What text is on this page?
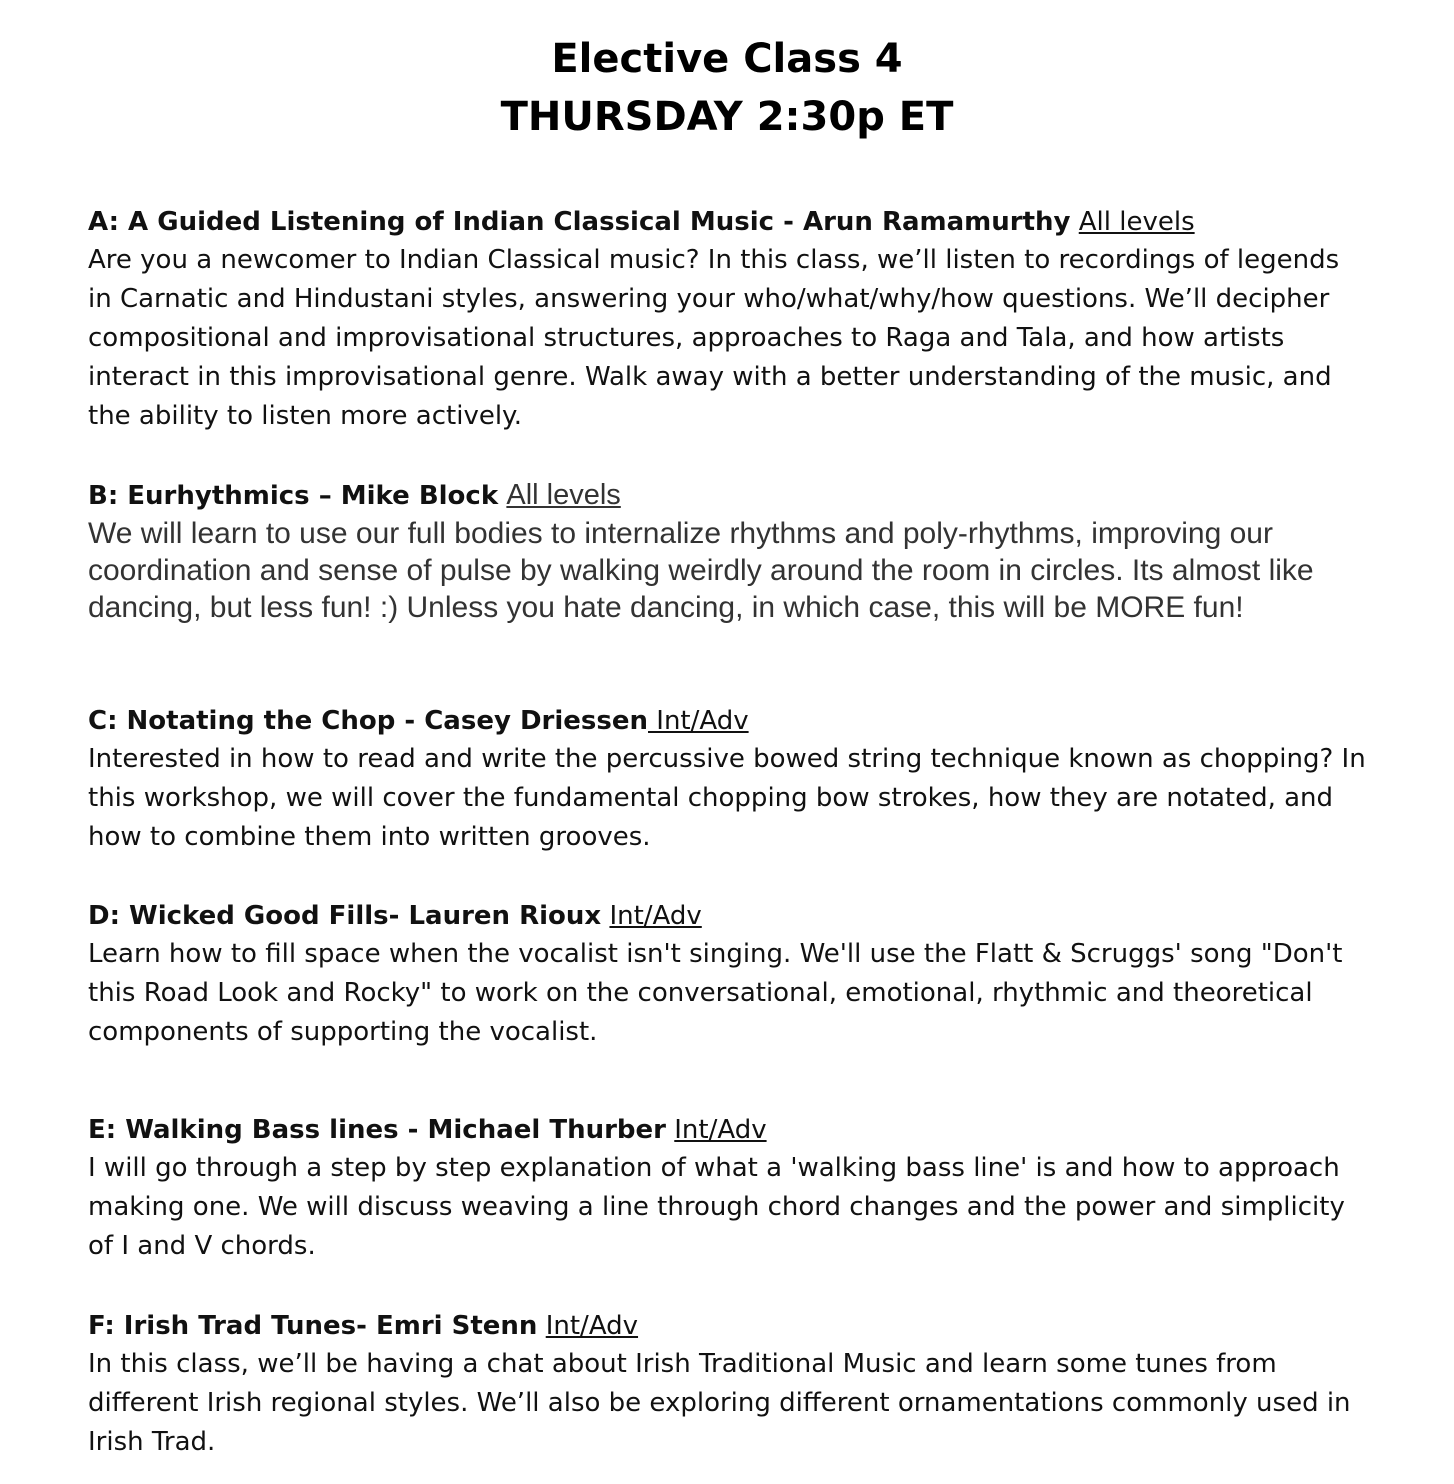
Elective Class 4
THURSDAY 2:30p ET
A: A Guided Listening of Indian Classical Music - Arun Ramamurthy All levels
Are you a newcomer to Indian Classical music? In this class, we’ll listen to recordings of legends in Carnatic and Hindustani styles, answering your who/what/why/how questions. We’ll decipher compositional and improvisational structures, approaches to Raga and Tala, and how artists interact in this improvisational genre. Walk away with a better understanding of the music, and the ability to listen more actively.
B: Eurhythmics – Mike Block All levels
We will learn to use our full bodies to internalize rhythms and poly-rhythms, improving our coordination and sense of pulse by walking weirdly around the room in circles. Its almost like dancing, but less fun! :) Unless you hate dancing, in which case, this will be MORE fun!
C: Notating the Chop - Casey Driessen Int/Adv
Interested in how to read and write the percussive bowed string technique known as chopping? In this workshop, we will cover the fundamental chopping bow strokes, how they are notated, and how to combine them into written grooves.
D: Wicked Good Fills- Lauren Rioux Int/Adv
Learn how to fill space when the vocalist isn't singing. We'll use the Flatt & Scruggs' song "Don't this Road Look and Rocky" to work on the conversational, emotional, rhythmic and theoretical components of supporting the vocalist.
E: Walking Bass lines - Michael Thurber Int/Adv
I will go through a step by step explanation of what a 'walking bass line' is and how to approach making one. We will discuss weaving a line through chord changes and the power and simplicity of I and V chords.
F: Irish Trad Tunes- Emri Stenn Int/Adv
In this class, we’ll be having a chat about Irish Traditional Music and learn some tunes from different Irish regional styles. We’ll also be exploring different ornamentations commonly used in Irish Trad.
